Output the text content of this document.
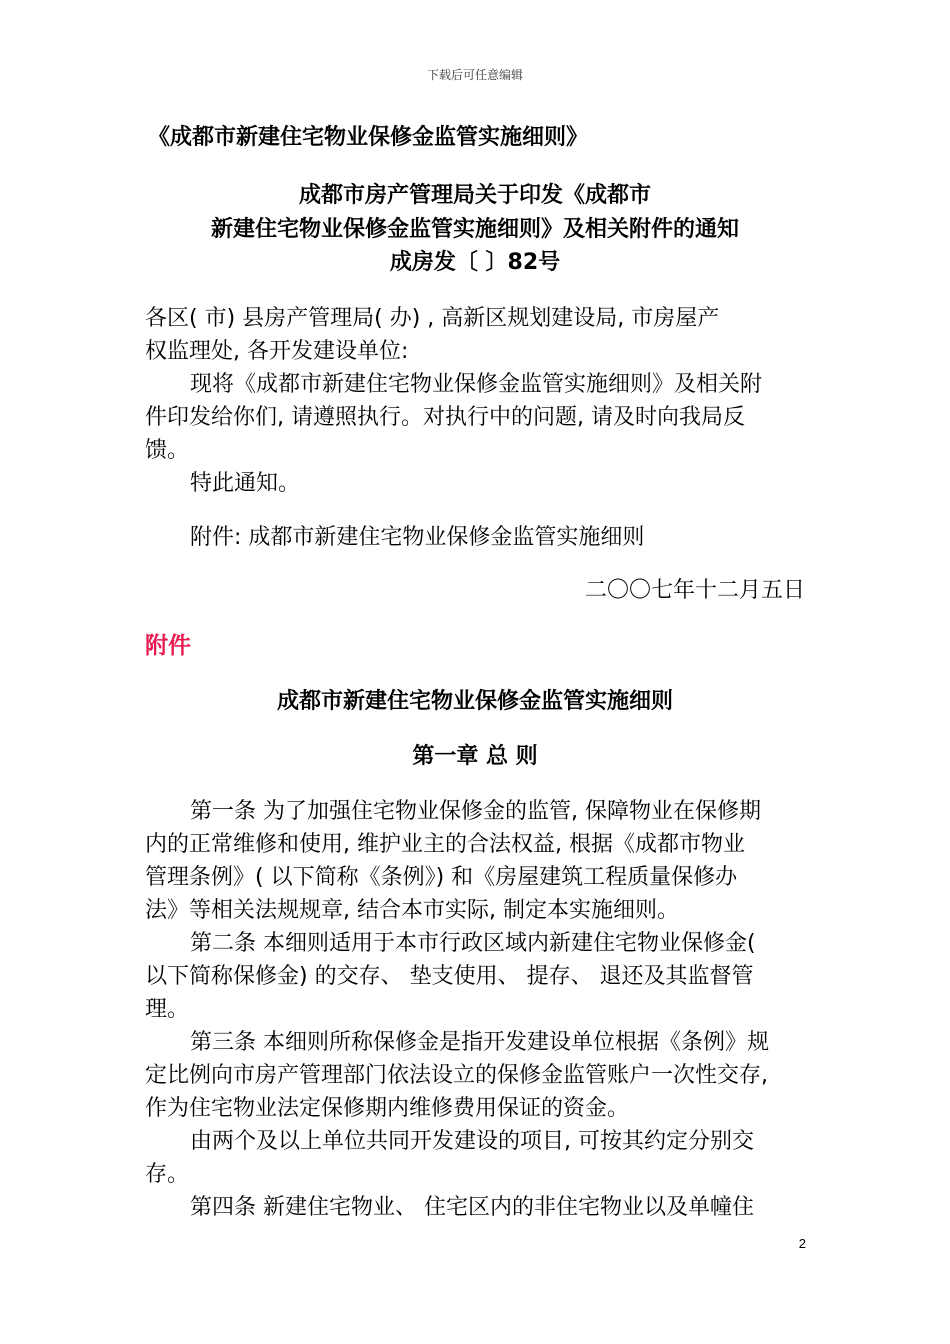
下载后可任意编辑
《成都市新建住宅物业保修金监管实施细则》
成都市房产管理局关于印发《成都市
新建住宅物业保修金监管实施细则》及相关附件的通知
成房发〔 〕82号
各区( 市) 县房产管理局( 办) , 高新区规划建设局, 市房屋产
权监理处, 各开发建设单位:
现将《成都市新建住宅物业保修金监管实施细则》及相关附
件印发给你们, 请遵照执行。对执行中的问题, 请及时向我局反
馈。
特此通知。
附件: 成都市新建住宅物业保修金监管实施细则
二〇〇七年十二月五日
附件
成都市新建住宅物业保修金监管实施细则
第一章 总 则
第一条 为了加强住宅物业保修金的监管, 保障物业在保修期
内的正常维修和使用, 维护业主的合法权益, 根据《成都市物业
管理条例》( 以下简称《条例》) 和《房屋建筑工程质量保修办
法》等相关法规规章, 结合本市实际, 制定本实施细则。
第二条 本细则适用于本市行政区域内新建住宅物业保修金(
以下简称保修金) 的交存、 垫支使用、 提存、 退还及其监督管
理。
第三条 本细则所称保修金是指开发建设单位根据《条例》规
定比例向市房产管理部门依法设立的保修金监管账户一次性交存,
作为住宅物业法定保修期内维修费用保证的资金。
由两个及以上单位共同开发建设的项目, 可按其约定分别交
存。
第四条 新建住宅物业、 住宅区内的非住宅物业以及单幢住
2
